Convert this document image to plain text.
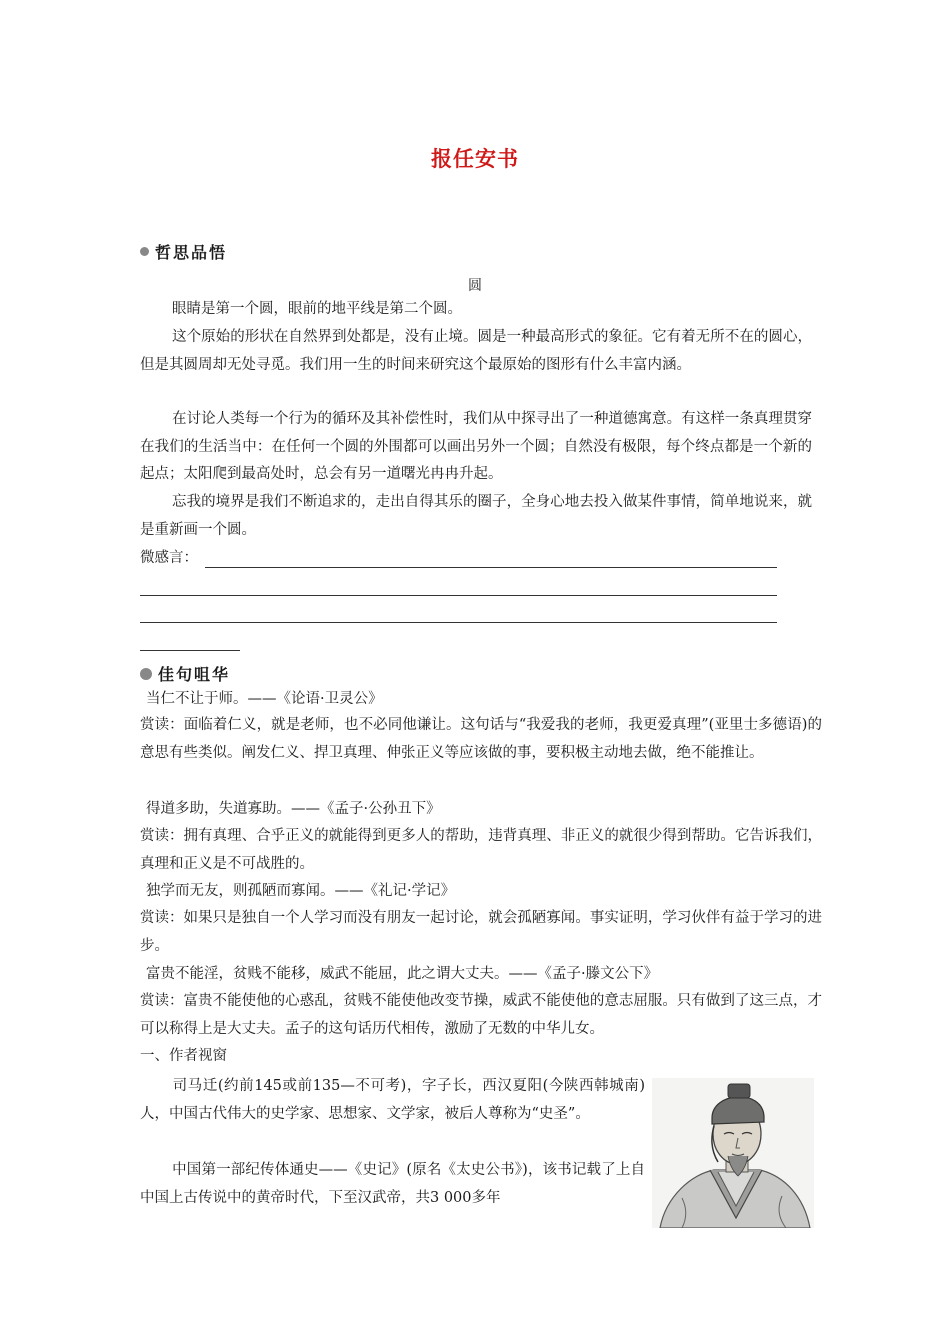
报任安书
哲思品悟
圆

眼睛是第一个圆，眼前的地平线是第二个圆。

这个原始的形状在自然界到处都是，没有止境。圆是一种最高形式的象征。它有着无所不在的圆心，但是其圆周却无处寻觅。我们用一生的时间来研究这个最原始的图形有什么丰富内涵。

在讨论人类每一个行为的循环及其补偿性时，我们从中探寻出了一种道德寓意。有这样一条真理贯穿在我们的生活当中：在任何一个圆的外围都可以画出另外一个圆；自然没有极限，每个终点都是一个新的起点；太阳爬到最高处时，总会有另一道曙光冉冉升起。

忘我的境界是我们不断追求的，走出自得其乐的圈子，全身心地去投入做某件事情，简单地说来，就是重新画一个圆。

微感言：
佳句咀华
当仁不让于师。——《论语·卫灵公》

赏读：面临着仁义，就是老师，也不必同他谦让。这句话与“我爱我的老师，我更爱真理”(亚里士多德语)的意思有些类似。阐发仁义、捍卫真理、伸张正义等应该做的事，要积极主动地去做，绝不能推让。

得道多助，失道寡助。——《孟子·公孙丑下》

赏读：拥有真理、合乎正义的就能得到更多人的帮助，违背真理、非正义的就很少得到帮助。它告诉我们，真理和正义是不可战胜的。

独学而无友，则孤陋而寡闻。——《礼记·学记》

赏读：如果只是独自一个人学习而没有朋友一起讨论，就会孤陋寡闻。事实证明，学习伙伴有益于学习的进步。

富贵不能淫，贫贱不能移，威武不能屈，此之谓大丈夫。——《孟子·滕文公下》

赏读：富贵不能使他的心惑乱，贫贱不能使他改变节操，威武不能使他的意志屈服。只有做到了这三点，才可以称得上是大丈夫。孟子的这句话历代相传，激励了无数的中华儿女。

一、作者视窗

司马迁(约前145或前135—不可考)，字子长，西汉夏阳(今陕西韩城南)人，中国古代伟大的史学家、思想家、文学家，被后人尊称为“史圣”。

中国第一部纪传体通史——《史记》(原名《太史公书》)，该书记载了上自中国上古传说中的黄帝时代，下至汉武帝，共3 000多年
